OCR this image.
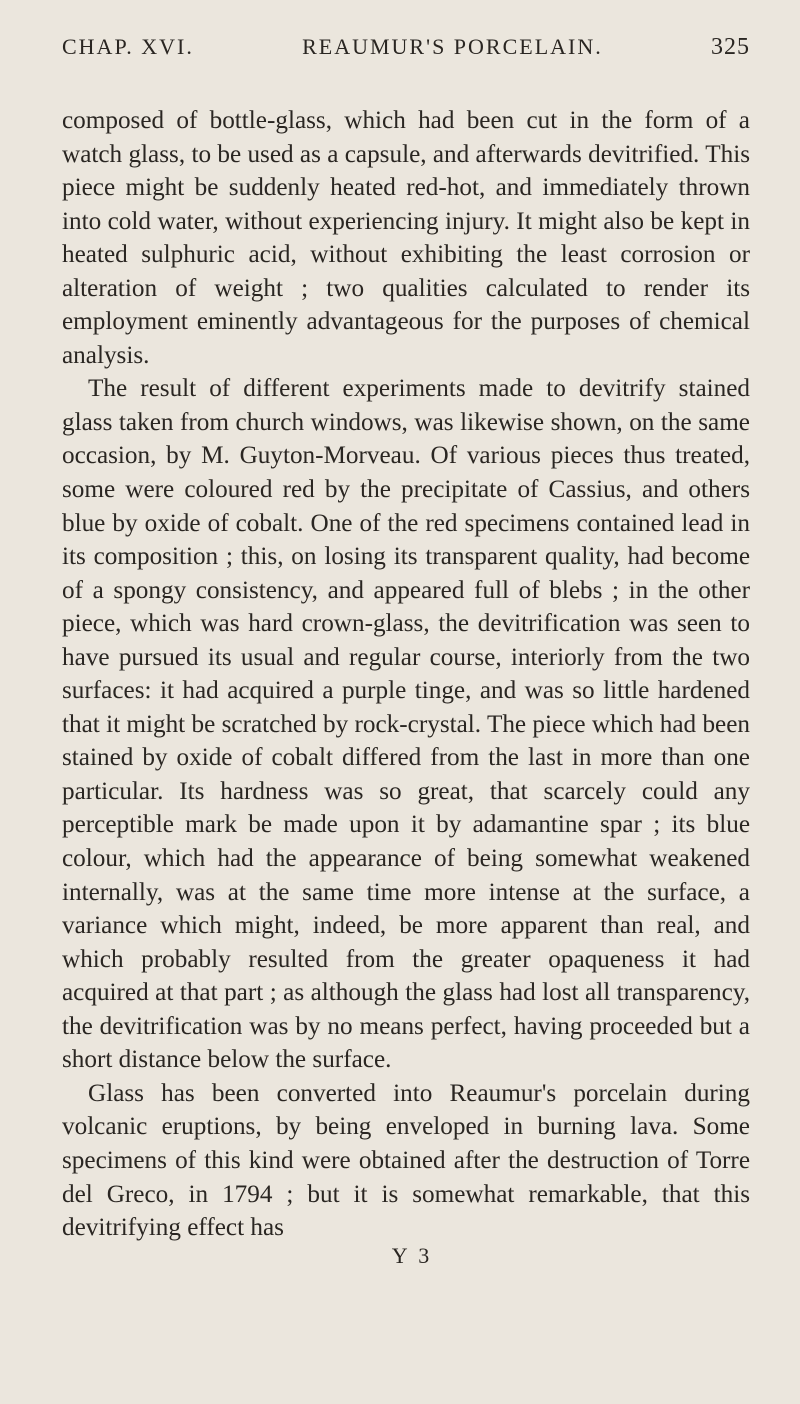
CHAP. XVI.	REAUMUR'S PORCELAIN.	325

composed of bottle-glass, which had been cut in the form of a watch glass, to be used as a capsule, and afterwards devitrified. This piece might be suddenly heated red-hot, and immediately thrown into cold water, without experiencing injury. It might also be kept in heated sulphuric acid, without exhibiting the least corrosion or alteration of weight ; two qualities calculated to render its employment eminently advantageous for the purposes of chemical analysis.

The result of different experiments made to devitrify stained glass taken from church windows, was likewise shown, on the same occasion, by M. Guyton-Morveau. Of various pieces thus treated, some were coloured red by the precipitate of Cassius, and others blue by oxide of cobalt. One of the red specimens contained lead in its composition ; this, on losing its transparent quality, had become of a spongy consistency, and appeared full of blebs ; in the other piece, which was hard crown-glass, the devitrification was seen to have pursued its usual and regular course, interiorly from the two surfaces: it had acquired a purple tinge, and was so little hardened that it might be scratched by rock-crystal. The piece which had been stained by oxide of cobalt differed from the last in more than one particular. Its hardness was so great, that scarcely could any perceptible mark be made upon it by adamantine spar ; its blue colour, which had the appearance of being somewhat weakened internally, was at the same time more intense at the surface, a variance which might, indeed, be more apparent than real, and which probably resulted from the greater opaqueness it had acquired at that part ; as although the glass had lost all transparency, the devitrification was by no means perfect, having proceeded but a short distance below the surface.

Glass has been converted into Reaumur's porcelain during volcanic eruptions, by being enveloped in burning lava. Some specimens of this kind were obtained after the destruction of Torre del Greco, in 1794 ; but it is somewhat remarkable, that this devitrifying effect has

Y 3
